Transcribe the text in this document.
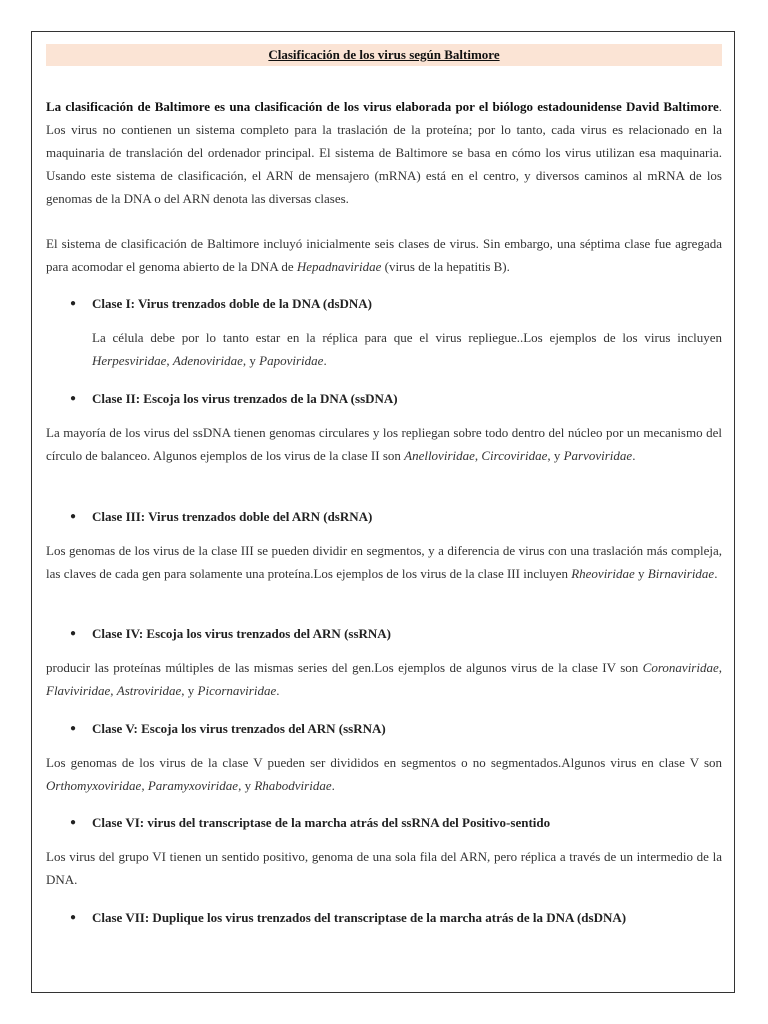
Clasificación de los virus según Baltimore
La clasificación de Baltimore es una clasificación de los virus elaborada por el biólogo estadounidense David Baltimore. Los virus no contienen un sistema completo para la traslación de la proteína; por lo tanto, cada virus es relacionado en la maquinaria de translación del ordenador principal. El sistema de Baltimore se basa en cómo los virus utilizan esa maquinaria. Usando este sistema de clasificación, el ARN de mensajero (mRNA) está en el centro, y diversos caminos al mRNA de los genomas de la DNA o del ARN denota las diversas clases.
El sistema de clasificación de Baltimore incluyó inicialmente seis clases de virus. Sin embargo, una séptima clase fue agregada para acomodar el genoma abierto de la DNA de Hepadnaviridae (virus de la hepatitis B).
● Clase I: Virus trenzados doble de la DNA (dsDNA)
La célula debe por lo tanto estar en la réplica para que el virus repliegue..Los ejemplos de los virus incluyen Herpesviridae, Adenoviridae, y Papoviridae.
● Clase II: Escoja los virus trenzados de la DNA (ssDNA)
La mayoría de los virus del ssDNA tienen genomas circulares y los repliegan sobre todo dentro del núcleo por un mecanismo del círculo de balanceo. Algunos ejemplos de los virus de la clase II son Anelloviridae, Circoviridae, y Parvoviridae.
● Clase III: Virus trenzados doble del ARN (dsRNA)
Los genomas de los virus de la clase III se pueden dividir en segmentos, y a diferencia de virus con una traslación más compleja, las claves de cada gen para solamente una proteína.Los ejemplos de los virus de la clase III incluyen Rheoviridae y Birnaviridae.
● Clase IV: Escoja los virus trenzados del ARN (ssRNA)
producir las proteínas múltiples de las mismas series del gen.Los ejemplos de algunos virus de la clase IV son Coronaviridae, Flaviviridae, Astroviridae, y Picornaviridae.
● Clase V: Escoja los virus trenzados del ARN (ssRNA)
Los genomas de los virus de la clase V pueden ser divididos en segmentos o no segmentados.Algunos virus en clase V son Orthomyxoviridae, Paramyxoviridae, y Rhabodviridae.
● Clase VI: virus del transcriptase de la marcha atrás del ssRNA del Positivo-sentido
Los virus del grupo VI tienen un sentido positivo, genoma de una sola fila del ARN, pero réplica a través de un intermedio de la DNA.
● Clase VII: Duplique los virus trenzados del transcriptase de la marcha atrás de la DNA (dsDNA)
